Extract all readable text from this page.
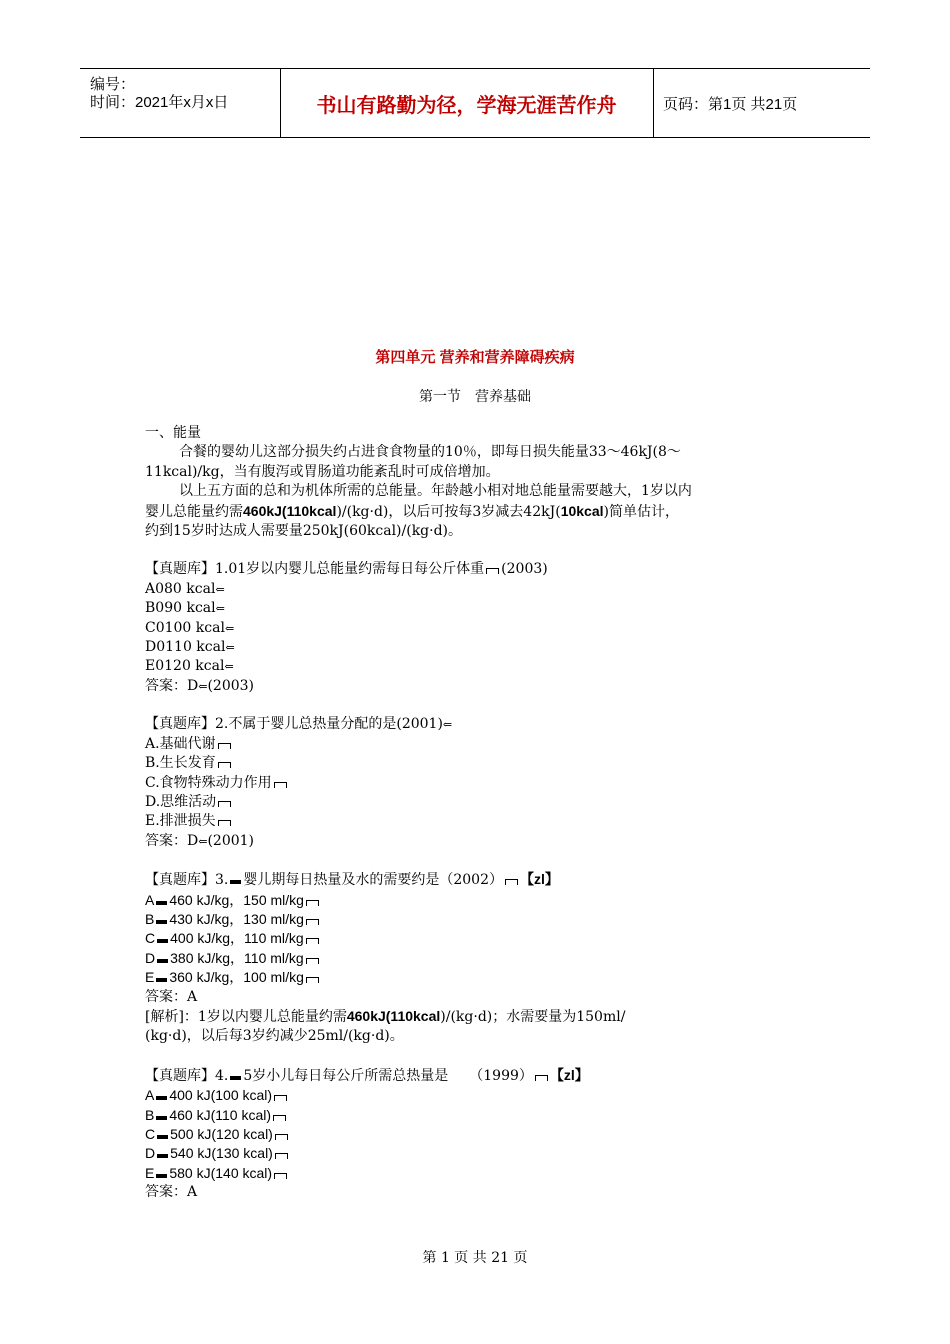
编号：
时间：2021年x月x日	书山有路勤为径，学海无涯苦作舟	页码：第1页 共21页
第四单元 营养和营养障碍疾病
第一节　营养基础

一、能量

合餐的婴幼儿这部分损失约占进食食物量的10％，即每日损失能量33～46kJ(8～

11kcal)/kg，当有腹泻或胃肠道功能紊乱时可成倍增加。

以上五方面的总和为机体所需的总能量。年龄越小相对地总能量需要越大，1岁以内

婴儿总能量约需460kJ(110kcal)/(kg·d)，以后可按每3岁减去42kJ(10kcal)简单估计，

约到15岁时达成人需要量250kJ(60kcal)/(kg·d)。

【真题库】1.01岁以内婴儿总能量约需每日每公斤体重 (2003)

A080 kcal⇐

B090 kcal⇐

C0100 kcal⇐

D0110 kcal⇐

E0120 kcal⇐

答案：D⇐(2003)

【真题库】2.不属于婴儿总热量分配的是(2001)⇐

A.基础代谢

B.生长发育

C.食物特殊动力作用

D.思维活动

E.排泄损失

答案：D⇐(2001)

【真题库】3. 婴儿期每日热量及水的需要约是（2002） 【zl】

A 460 kJ/kg，150 ml/kg

B 430 kJ/kg，130 ml/kg

C 400 kJ/kg，110 ml/kg

D 380 kJ/kg，110 ml/kg

E 360 kJ/kg，100 ml/kg

答案：A

[解析]：1岁以内婴儿总能量约需460kJ(110kcal)/(kg·d)；水需要量为150ml/

(kg·d)，以后每3岁约减少25ml/(kg·d)。

【真题库】4. 5岁小儿每日每公斤所需总热量是　　（1999） 【zl】

A 400 kJ(100 kcal)

B 460 kJ(110 kcal)

C 500 kJ(120 kcal)

D 540 kJ(130 kcal)

E 580 kJ(140 kcal)

答案：A

第 1 页 共 21 页
